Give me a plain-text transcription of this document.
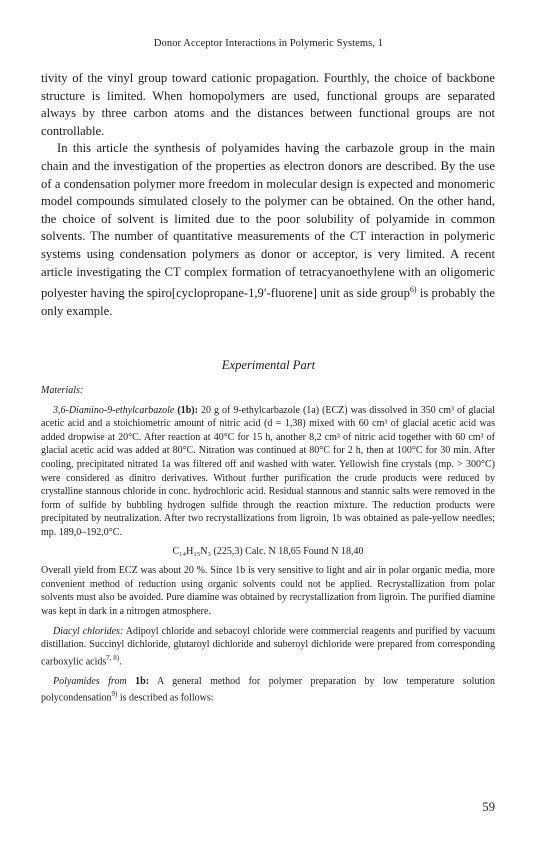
Donor Acceptor Interactions in Polymeric Systems, 1

tivity of the vinyl group toward cationic propagation. Fourthly, the choice of backbone structure is limited. When homopolymers are used, functional groups are separated always by three carbon atoms and the distances between functional groups are not controllable.

In this article the synthesis of polyamides having the carbazole group in the main chain and the investigation of the properties as electron donors are described. By the use of a condensation polymer more freedom in molecular design is expected and monomeric model compounds simulated closely to the polymer can be obtained. On the other hand, the choice of solvent is limited due to the poor solubility of polyamide in common solvents. The number of quantitative measurements of the CT interaction in polymeric systems using condensation polymers as donor or acceptor, is very limited. A recent article investigating the CT complex formation of tetracyanoethylene with an oligomeric polyester having the spiro[cyclopropane-1,9′-fluorene] unit as side group$^{6)}$ is probably the only example.

Experimental Part

Materials:

3,6-Diamino-9-ethylcarbazole (1b): 20 g of 9-ethylcarbazole (1a) (ECZ) was dissolved in 350 cm³ of glacial acetic acid and a stoichiometric amount of nitric acid (d = 1,38) mixed with 60 cm³ of glacial acetic acid was added dropwise at 20°C. After reaction at 40°C for 15 h, another 8,2 cm³ of nitric acid together with 60 cm³ of glacial acetic acid was added at 80°C. Nitration was continued at 80°C for 2 h, then at 100°C for 30 min. After cooling, precipitated nitrated 1a was filtered off and washed with water. Yellowish fine crystals (mp. > 300°C) were considered as dinitro derivatives. Without further purification the crude products were reduced by crystalline stannous chloride in conc. hydrochloric acid. Residual stannous and stannic salts were removed in the form of sulfide by bubbling hydrogen sulfide through the reaction mixture. The reduction products were precipitated by neutralization. After two recrystallizations from ligroin, 1b was obtained as pale-yellow needles; mp. 189,0–192,0°C.

C₁₄H₁₅N₃ (225,3) Calc. N 18,65 Found N 18,40

Overall yield from ECZ was about 20 %. Since 1b is very sensitive to light and air in polar organic media, more convenient method of reduction using organic solvents could not be applied. Recrystallization from polar solvents must also be avoided. Pure diamine was obtained by recrystallization from ligroin. The purified diamine was kept in dark in a nitrogen atmosphere.

Diacyl chlorides: Adipoyl chloride and sebacoyl chloride were commercial reagents and purified by vacuum distillation. Succinyl dichloride, glutaroyl dichloride and suberoyl dichloride were prepared from corresponding carboxylic acids$^{7, 8)}$.

Polyamides from 1b: A general method for polymer preparation by low temperature solution polycondensation$^{9)}$ is described as follows:

59
